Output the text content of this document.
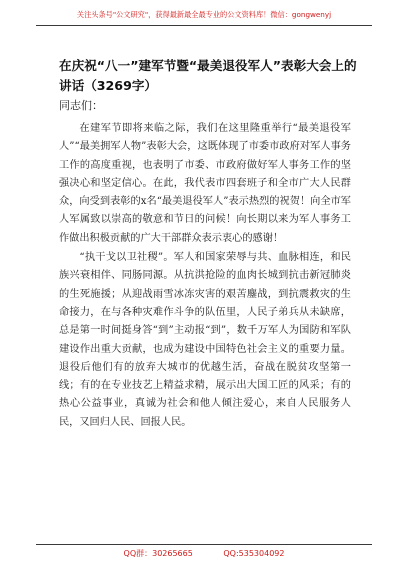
关注头条号"公文研究"，获得最新最全最专业的公文资料库！微信：gongwenyj
在庆祝“八一”建军节暨“最美退役军人”表彰大会上的讲话（3269字）
同志们：

在建军节即将来临之际，我们在这里隆重举行“最美退役军人”“最美拥军人物”表彰大会，这既体现了市委市政府对军人事务工作的高度重视，也表明了市委、市政府做好军人事务工作的坚强决心和坚定信心。在此，我代表市四套班子和全市广大人民群众，向受到表彰的x名“最美退役军人”表示热烈的祝贺！向全市军人军属致以崇高的敬意和节日的问候！向长期以来为军人事务工作做出积极贡献的广大干部群众表示衷心的感谢！

“执干戈以卫社稷”。军人和国家荣辱与共、血脉相连，和民族兴衰相伴、同肠同源。从抗洪抢险的血肉长城到抗击新冠肺炎的生死施援；从迎战雨雪冰冻灾害的艰苦鏖战，到抗震救灾的生命接力，在与各种灾难作斗争的队伍里，人民子弟兵从未缺席，总是第一时间挺身答“到”主动报“到”，数千万军人为国防和军队建设作出重大贡献，也成为建设中国特色社会主义的重要力量。退役后他们有的放弃大城市的优越生活，奋战在脱贫攻坚第一线；有的在专业技艺上精益求精，展示出大国工匠的风采；有的热心公益事业，真诚为社会和他人倾注爱心，来自人民服务人民，又回归人民、回报人民。

QQ群：30265665	QQ:535304092
